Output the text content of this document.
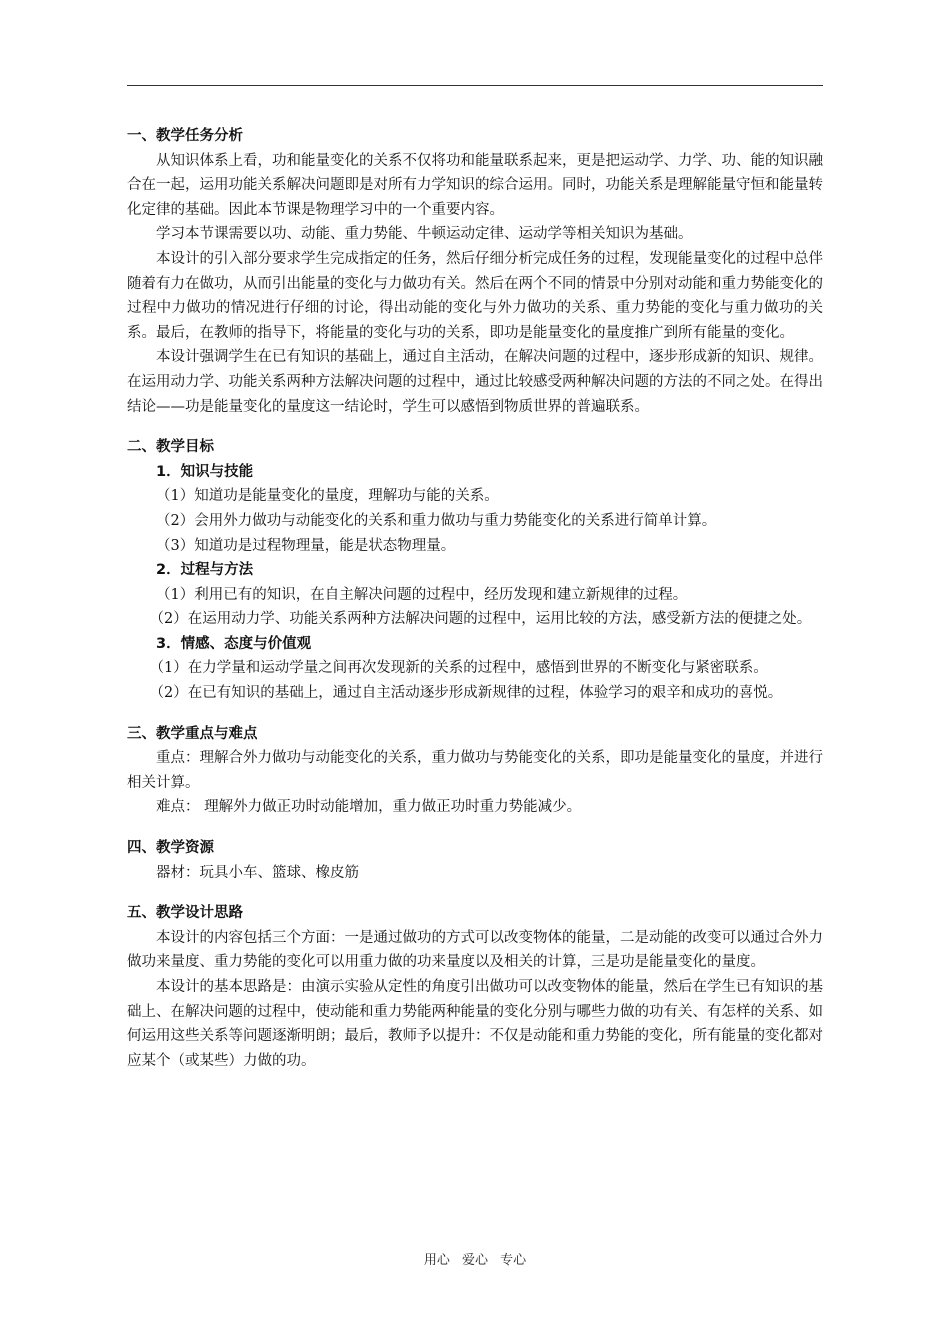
一、教学任务分析

从知识体系上看，功和能量变化的关系不仅将功和能量联系起来，更是把运动学、力学、功、能的知识融合在一起，运用功能关系解决问题即是对所有力学知识的综合运用。同时，功能关系是理解能量守恒和能量转化定律的基础。因此本节课是物理学习中的一个重要内容。

学习本节课需要以功、动能、重力势能、牛顿运动定律、运动学等相关知识为基础。

本设计的引入部分要求学生完成指定的任务，然后仔细分析完成任务的过程，发现能量变化的过程中总伴随着有力在做功，从而引出能量的变化与力做功有关。然后在两个不同的情景中分别对动能和重力势能变化的过程中力做功的情况进行仔细的讨论，得出动能的变化与外力做功的关系、重力势能的变化与重力做功的关系。最后，在教师的指导下，将能量的变化与功的关系，即功是能量变化的量度推广到所有能量的变化。

本设计强调学生在已有知识的基础上，通过自主活动，在解决问题的过程中，逐步形成新的知识、规律。在运用动力学、功能关系两种方法解决问题的过程中，通过比较感受两种解决问题的方法的不同之处。在得出结论——功是能量变化的量度这一结论时，学生可以感悟到物质世界的普遍联系。

二、教学目标

1．知识与技能

（1）知道功是能量变化的量度，理解功与能的关系。

（2）会用外力做功与动能变化的关系和重力做功与重力势能变化的关系进行简单计算。

（3）知道功是过程物理量，能是状态物理量。

2．过程与方法

（1）利用已有的知识，在自主解决问题的过程中，经历发现和建立新规律的过程。

（2）在运用动力学、功能关系两种方法解决问题的过程中，运用比较的方法，感受新方法的便捷之处。

3．情感、态度与价值观

（1）在力学量和运动学量之间再次发现新的关系的过程中，感悟到世界的不断变化与紧密联系。

（2）在已有知识的基础上，通过自主活动逐步形成新规律的过程，体验学习的艰辛和成功的喜悦。

三、教学重点与难点

重点：理解合外力做功与动能变化的关系，重力做功与势能变化的关系，即功是能量变化的量度，并进行相关计算。

难点： 理解外力做正功时动能增加，重力做正功时重力势能减少。

四、教学资源

器材：玩具小车、篮球、橡皮筋

五、教学设计思路

本设计的内容包括三个方面：一是通过做功的方式可以改变物体的能量，二是动能的改变可以通过合外力做功来量度、重力势能的变化可以用重力做的功来量度以及相关的计算，三是功是能量变化的量度。

本设计的基本思路是：由演示实验从定性的角度引出做功可以改变物体的能量，然后在学生已有知识的基础上、在解决问题的过程中，使动能和重力势能两种能量的变化分别与哪些力做的功有关、有怎样的关系、如何运用这些关系等问题逐渐明朗；最后，教师予以提升：不仅是动能和重力势能的变化，所有能量的变化都对应某个（或某些）力做的功。

用心 爱心 专心
